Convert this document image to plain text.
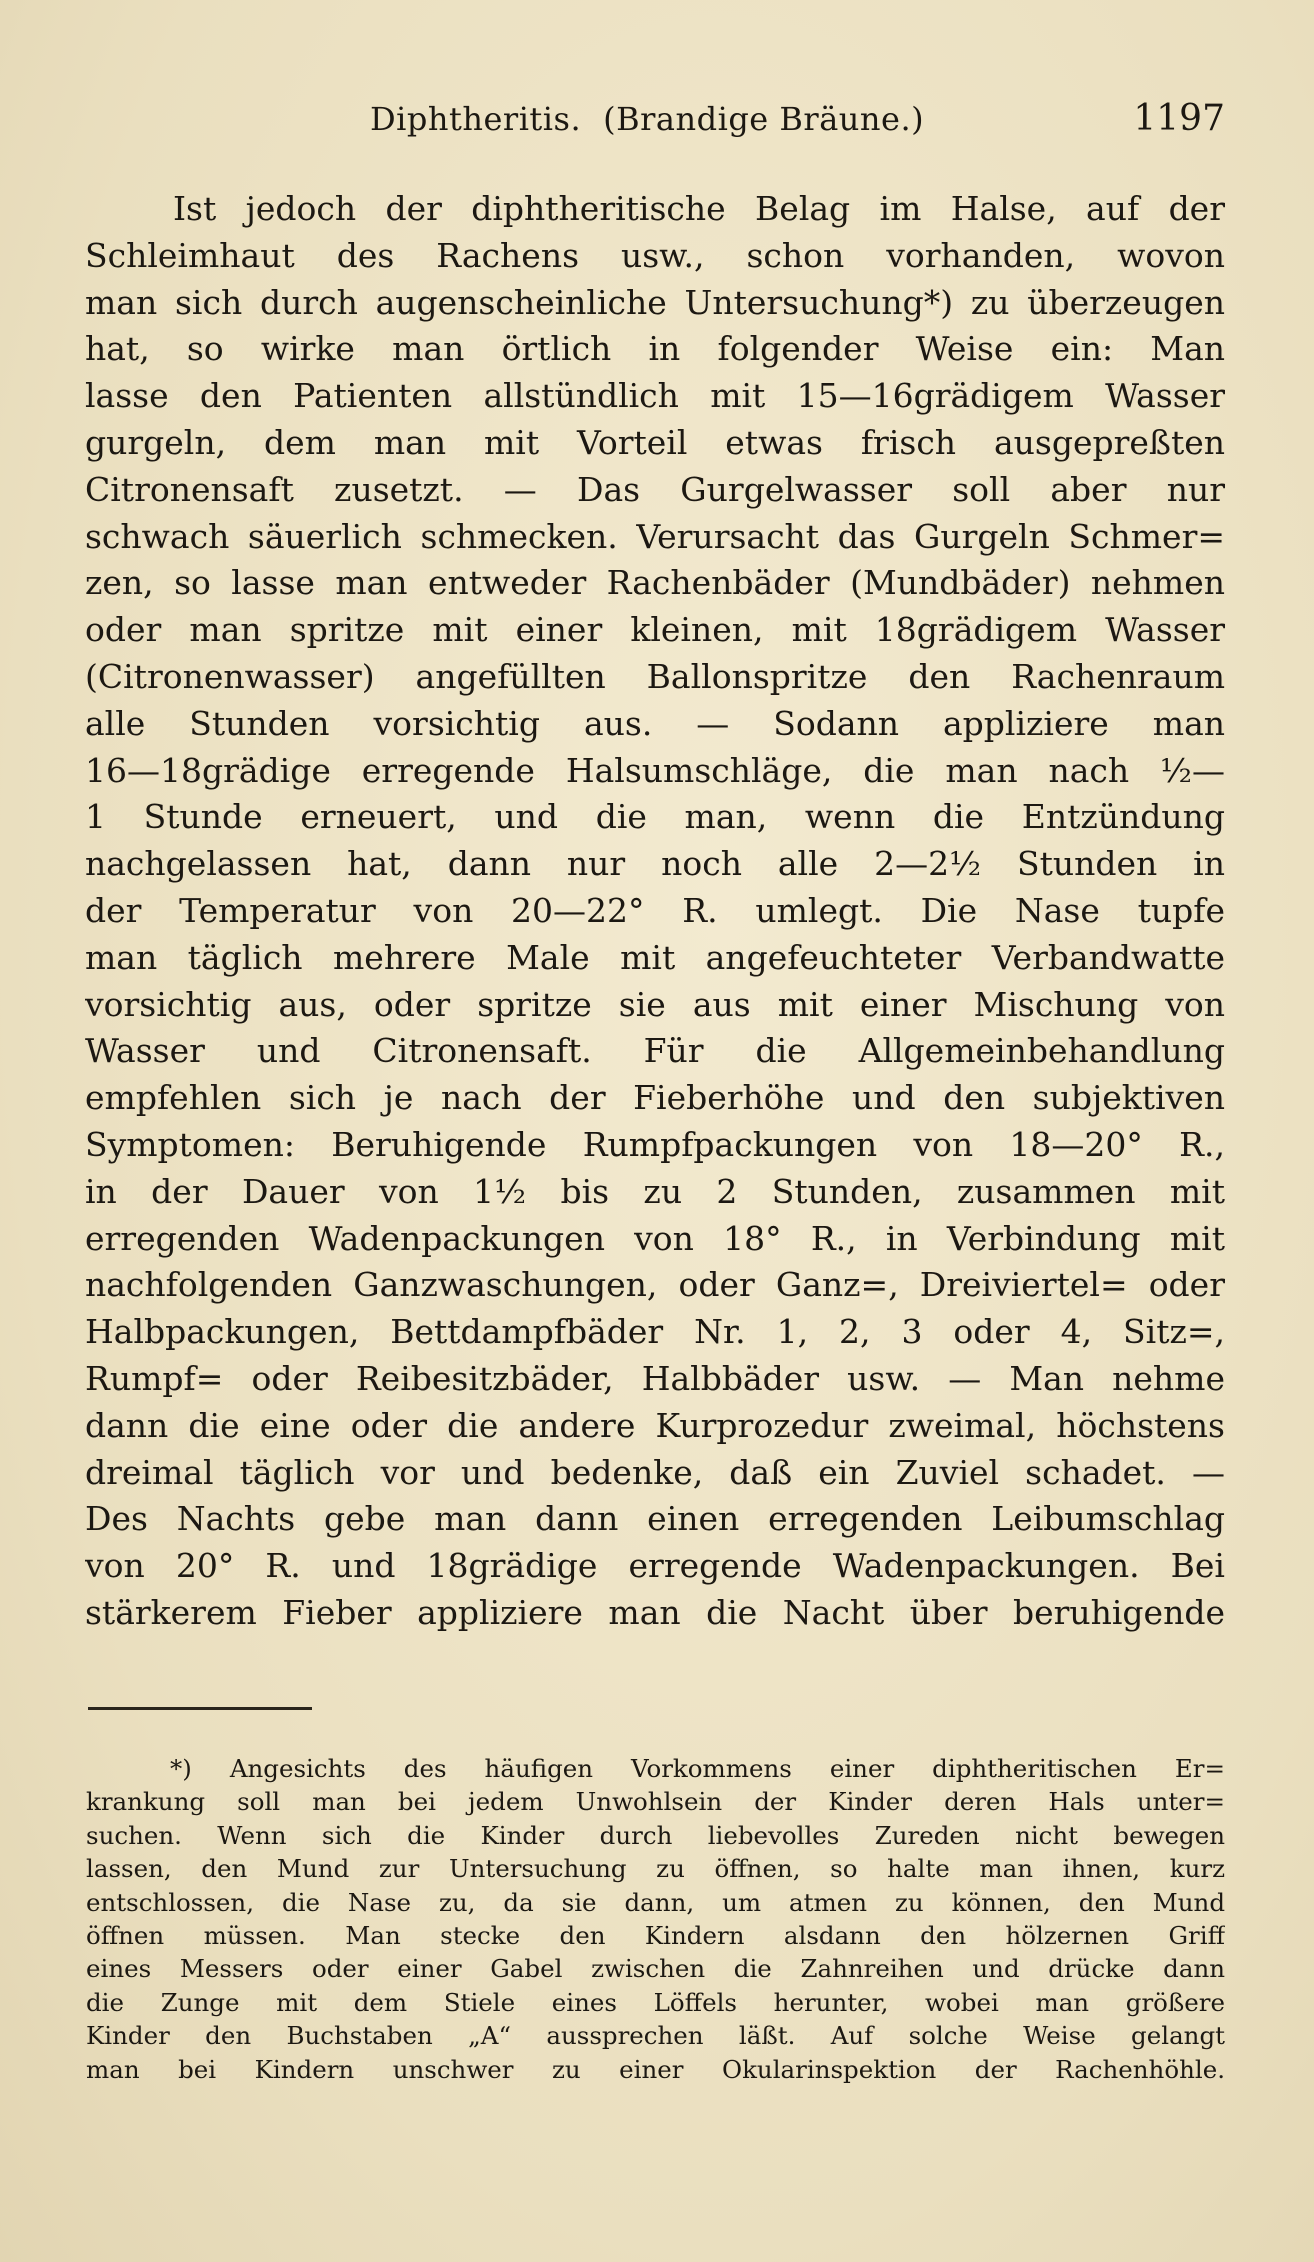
Diphtheritis. (Brandige Bräune.)	1197
Ist jedoch der diphtheritische Belag im Halse, auf der
Schleimhaut des Rachens usw., schon vorhanden, wovon
man sich durch augenscheinliche Untersuchung*) zu überzeugen
hat, so wirke man örtlich in folgender Weise ein: Man
lasse den Patienten allstündlich mit 15—16grädigem Wasser
gurgeln, dem man mit Vorteil etwas frisch ausgepreßten
Citronensaft zusetzt. — Das Gurgelwasser soll aber nur
schwach säuerlich schmecken. Verursacht das Gurgeln Schmer=
zen, so lasse man entweder Rachenbäder (Mundbäder) nehmen
oder man spritze mit einer kleinen, mit 18grädigem Wasser
(Citronenwasser) angefüllten Ballonspritze den Rachenraum
alle Stunden vorsichtig aus. — Sodann appliziere man
16—18grädige erregende Halsumschläge, die man nach ½—
1 Stunde erneuert, und die man, wenn die Entzündung
nachgelassen hat, dann nur noch alle 2—2½ Stunden in
der Temperatur von 20—22° R. umlegt. Die Nase tupfe
man täglich mehrere Male mit angefeuchteter Verbandwatte
vorsichtig aus, oder spritze sie aus mit einer Mischung von
Wasser und Citronensaft. Für die Allgemeinbehandlung
empfehlen sich je nach der Fieberhöhe und den subjektiven
Symptomen: Beruhigende Rumpfpackungen von 18—20° R.,
in der Dauer von 1½ bis zu 2 Stunden, zusammen mit
erregenden Wadenpackungen von 18° R., in Verbindung mit
nachfolgenden Ganzwaschungen, oder Ganz=, Dreiviertel= oder
Halbpackungen, Bettdampfbäder Nr. 1, 2, 3 oder 4, Sitz=,
Rumpf= oder Reibesitzbäder, Halbbäder usw. — Man nehme
dann die eine oder die andere Kurprozedur zweimal, höchstens
dreimal täglich vor und bedenke, daß ein Zuviel schadet. —
Des Nachts gebe man dann einen erregenden Leibumschlag
von 20° R. und 18grädige erregende Wadenpackungen. Bei
stärkerem Fieber appliziere man die Nacht über beruhigende
*) Angesichts des häufigen Vorkommens einer diphtheritischen Er=
krankung soll man bei jedem Unwohlsein der Kinder deren Hals unter=
suchen. Wenn sich die Kinder durch liebevolles Zureden nicht bewegen
lassen, den Mund zur Untersuchung zu öffnen, so halte man ihnen, kurz
entschlossen, die Nase zu, da sie dann, um atmen zu können, den Mund
öffnen müssen. Man stecke den Kindern alsdann den hölzernen Griff
eines Messers oder einer Gabel zwischen die Zahnreihen und drücke dann
die Zunge mit dem Stiele eines Löffels herunter, wobei man größere
Kinder den Buchstaben „A“ aussprechen läßt. Auf solche Weise gelangt
man bei Kindern unschwer zu einer Okularinspektion der Rachenhöhle.
